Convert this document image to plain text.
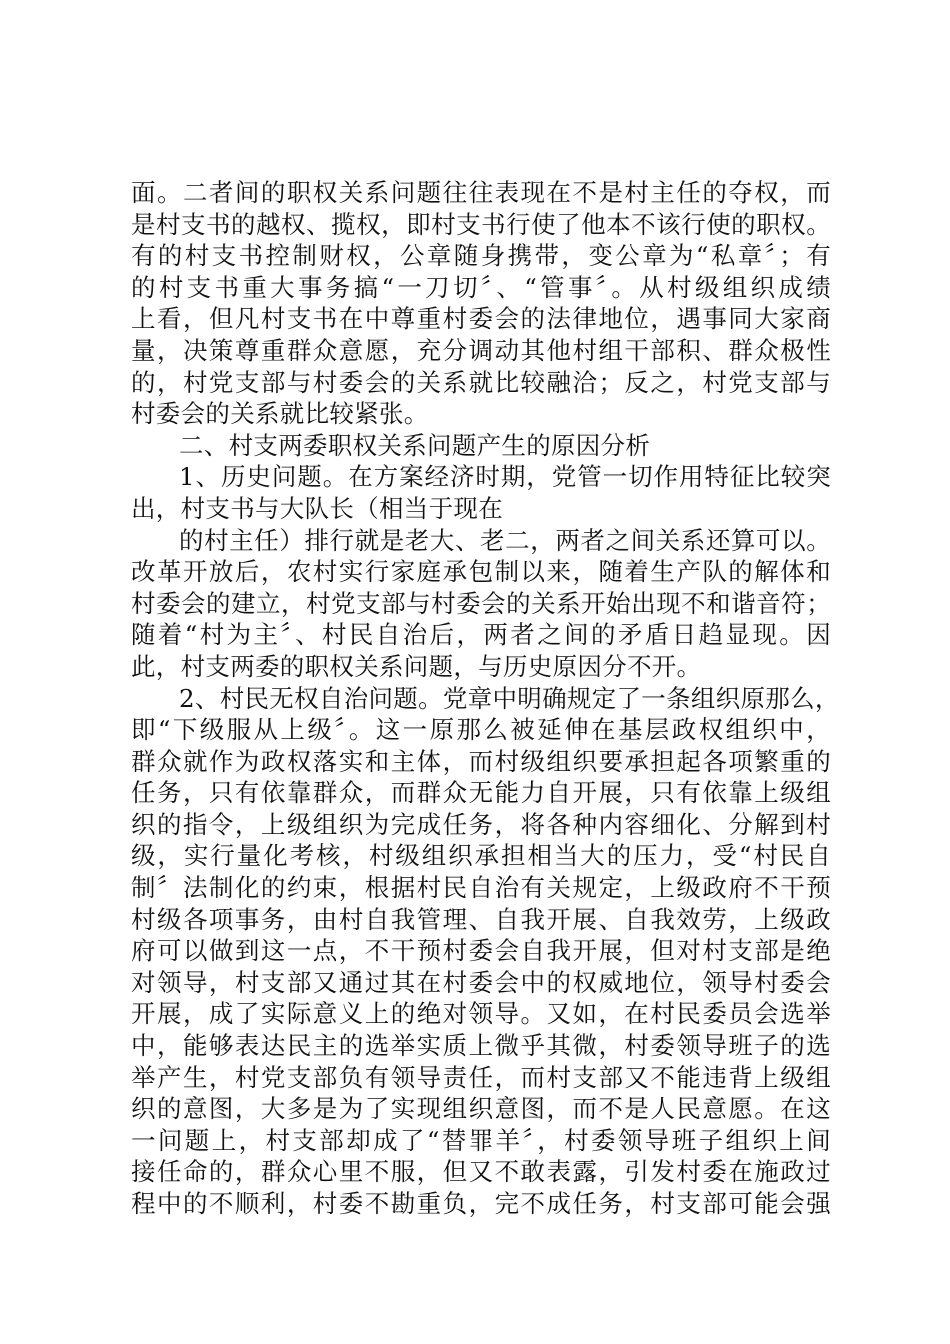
面。二者间的职权关系问题往往表现在不是村主任的夺权，而
是村支书的越权、揽权，即村支书行使了他本不该行使的职权。
有的村支书控制财权，公章随身携带，变公章为“私章〞；有
的村支书重大事务搞“一刀切〞、“管事〞。从村级组织成绩
上看，但凡村支书在中尊重村委会的法律地位，遇事同大家商
量，决策尊重群众意愿，充分调动其他村组干部积、群众极性
的，村党支部与村委会的关系就比较融洽；反之，村党支部与
村委会的关系就比较紧张。
二、村支两委职权关系问题产生的原因分析
1、历史问题。在方案经济时期，党管一切作用特征比较突
出，村支书与大队长（相当于现在
的村主任）排行就是老大、老二，两者之间关系还算可以。
改革开放后，农村实行家庭承包制以来，随着生产队的解体和
村委会的建立，村党支部与村委会的关系开始出现不和谐音符；
随着“村为主〞、村民自治后，两者之间的矛盾日趋显现。因
此，村支两委的职权关系问题，与历史原因分不开。
2、村民无权自治问题。党章中明确规定了一条组织原那么，
即“下级服从上级〞。这一原那么被延伸在基层政权组织中，
群众就作为政权落实和主体，而村级组织要承担起各项繁重的
任务，只有依靠群众，而群众无能力自开展，只有依靠上级组
织的指令，上级组织为完成任务，将各种内容细化、分解到村
级，实行量化考核，村级组织承担相当大的压力，受“村民自
制〞法制化的约束，根据村民自治有关规定，上级政府不干预
村级各项事务，由村自我管理、自我开展、自我效劳，上级政
府可以做到这一点，不干预村委会自我开展，但对村支部是绝
对领导，村支部又通过其在村委会中的权威地位，领导村委会
开展，成了实际意义上的绝对领导。又如，在村民委员会选举
中，能够表达民主的选举实质上微乎其微，村委领导班子的选
举产生，村党支部负有领导责任，而村支部又不能违背上级组
织的意图，大多是为了实现组织意图，而不是人民意愿。在这
一问题上，村支部却成了“替罪羊〞，村委领导班子组织上间
接任命的，群众心里不服，但又不敢表露，引发村委在施政过
程中的不顺利，村委不勘重负，完不成任务，村支部可能会强
